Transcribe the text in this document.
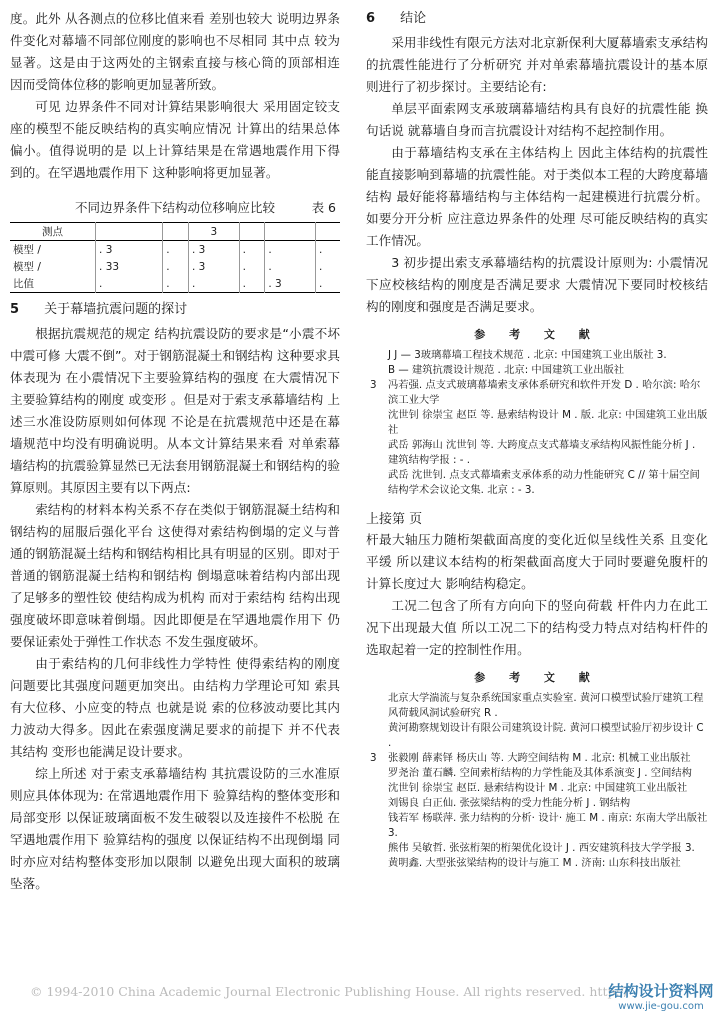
度。此外 从各测点的位移比值来看 差别也较大 说明边界条件变化对幕墙不同部位刚度的影响也不尽相同 其中点 较为显著。这是由于这两处的主钢索直接与核心筒的顶部相连 因而受筒体位移的影响更加显著所致。

可见 边界条件不同对计算结果影响很大 采用固定铰支座的模型不能反映结构的真实响应情况 计算出的结果总体偏小。值得说明的是 以上计算结果是在常遇地震作用下得到的。在罕遇地震作用下 这种影响将更加显著。

不同边界条件下结构动位移响应比较	表 6
测点			3			
模型 /	. 3	.	. 3	.	.	.
模型 /	. 33	.	. 3	.	.	.
比值	.	.	.	.	. 3	.
5 关于幕墙抗震问题的探讨

根据抗震规范的规定 结构抗震设防的要求是“小震不坏 中震可修 大震不倒”。对于钢筋混凝土和钢结构 这种要求具体表现为 在小震情况下主要验算结构的强度 在大震情况下主要验算结构的刚度 或变形 。但是对于索支承幕墙结构 上述三水准设防原则如何体现 不论是在抗震规范中还是在幕墙规范中均没有明确说明。从本文计算结果来看 对单索幕墙结构的抗震验算显然已无法套用钢筋混凝土和钢结构的验算原则。其原因主要有以下两点:

索结构的材料本构关系不存在类似于钢筋混凝土结构和钢结构的屈服后强化平台 这使得对索结构倒塌的定义与普通的钢筋混凝土结构和钢结构相比具有明显的区别。即对于普通的钢筋混凝土结构和钢结构 倒塌意味着结构内部出现了足够多的塑性铰 使结构成为机构 而对于索结构 结构出现强度破坏即意味着倒塌。因此即便是在罕遇地震作用下 仍要保证索处于弹性工作状态 不发生强度破坏。

由于索结构的几何非线性力学特性 使得索结构的刚度问题要比其强度问题更加突出。由结构力学理论可知 索具有大位移、小应变的特点 也就是说 索的位移波动要比其内力波动大得多。因此在索强度满足要求的前提下 并不代表其结构 变形也能满足设计要求。

综上所述 对于索支承幕墙结构 其抗震设防的三水准原则应具体体现为: 在常遇地震作用下 验算结构的整体变形和局部变形 以保证玻璃面板不发生破裂以及连接件不松脱 在罕遇地震作用下 验算结构的强度 以保证结构不出现倒塌 同时亦应对结构整体变形加以限制 以避免出现大面积的玻璃坠落。

6 结论

采用非线性有限元方法对北京新保利大厦幕墙索支承结构的抗震性能进行了分析研究 并对单索幕墙抗震设计的基本原则进行了初步探讨。主要结论有:

单层平面索网支承玻璃幕墙结构具有良好的抗震性能 换句话说 就幕墙自身而言抗震设计对结构不起控制作用。

由于幕墙结构支承在主体结构上 因此主体结构的抗震性能直接影响到幕墙的抗震性能。对于类似本工程的大跨度幕墙结构 最好能将幕墙结构与主体结构一起建模进行抗震分析。如要分开分析 应注意边界条件的处理 尽可能反映结构的真实工作情况。

3 初步提出索支承幕墙结构的抗震设计原则为: 小震情况下应校核结构的刚度是否满足要求 大震情况下要同时校核结构的刚度和强度是否满足要求。

参 考 文 献
J J — 3玻璃幕墙工程技术规范 . 北京: 中国建筑工业出版社 3.
B — 建筑抗震设计规范 . 北京: 中国建筑工业出版社
3 冯若强. 点支式玻璃幕墙索支承体系研究和软件开发 D . 哈尔滨: 哈尔滨工业大学
沈世钊 徐崇宝 赵臣 等. 悬索结构设计 M . 版. 北京: 中国建筑工业出版社
武岳 郭海山 沈世钊 等. 大跨度点支式幕墙支承结构风振性能分析 J . 建筑结构学报 : - .
武岳 沈世钊. 点支式幕墙索支承体系的动力性能研究 C // 第十届空间结构学术会议论文集. 北京 : - 3.
上接第 页

杆最大轴压力随桁架截面高度的变化近似呈线性关系 且变化平缓 所以建议本结构的桁架截面高度大于同时要避免腹杆的计算长度过大 影响结构稳定。

工况二包含了所有方向向下的竖向荷载 杆件内力在此工况下出现最大值 所以工况二下的结构受力特点对结构杆件的选取起着一定的控制性作用。

参 考 文 献
北京大学湍流与复杂系统国家重点实验室. 黄河口模型试验厅建筑工程风荷载风洞试验研究 R .
黄河勘察规划设计有限公司建筑设计院. 黄河口模型试验厅初步设计 C .
3 张毅刚 薛素铎 杨庆山 等. 大跨空间结构 M . 北京: 机械工业出版社
罗尧治 董石麟. 空间索桁结构的力学性能及其体系演变 J . 空间结构
沈世钊 徐崇宝 赵臣. 悬索结构设计 M . 北京: 中国建筑工业出版社
刘锡良 白正仙. 张弦梁结构的受力性能分析 J . 钢结构
钱若军 杨联萍. 张力结构的分析· 设计· 施工 M . 南京: 东南大学出版社 3.
熊伟 吴敏哲. 张弦桁架的桁架优化设计 J . 西安建筑科技大学学报 3.
黄明鑫. 大型张弦梁结构的设计与施工 M . 济南: 山东科技出版社
© 1994-2010 China Academic Journal Electronic Publishing House. All rights reserved. http://
结构设计资料网
www.jie-gou.com
